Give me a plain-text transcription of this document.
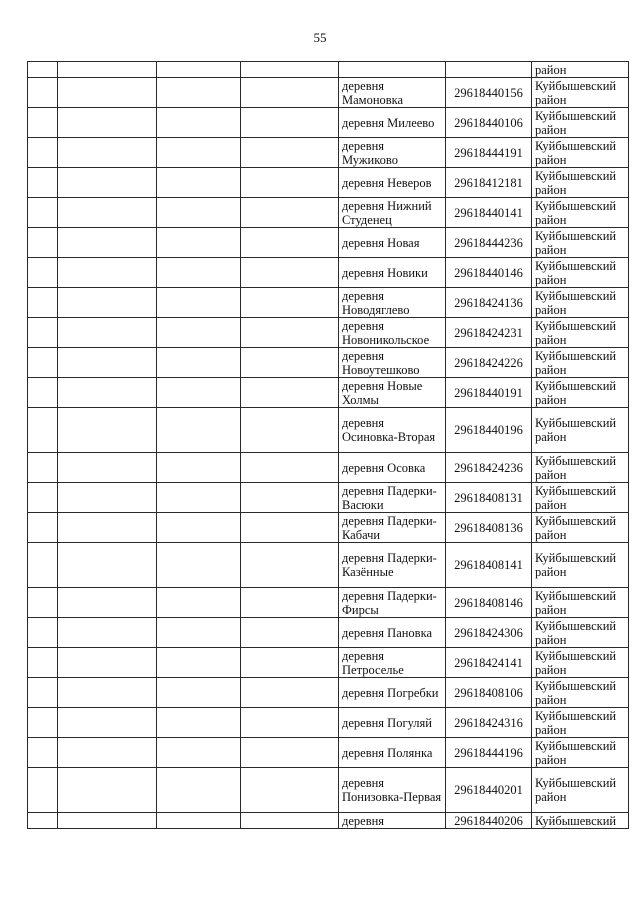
55
						район
				деревня Мамоновка	29618440156	Куйбышевский район
				деревня Милеево	29618440106	Куйбышевский район
				деревня Мужиково	29618444191	Куйбышевский район
				деревня Неверов	29618412181	Куйбышевский район
				деревня Нижний Студенец	29618440141	Куйбышевский район
				деревня Новая	29618444236	Куйбышевский район
				деревня Новики	29618440146	Куйбышевский район
				деревня Новодяглево	29618424136	Куйбышевский район
				деревня Новоникольское	29618424231	Куйбышевский район
				деревня Новоутешково	29618424226	Куйбышевский район
				деревня Новые Холмы	29618440191	Куйбышевский район
				деревня Осиновка-Вторая	29618440196	Куйбышевский район
				деревня Осовка	29618424236	Куйбышевский район
				деревня Падерки-Васюки	29618408131	Куйбышевский район
				деревня Падерки-Кабачи	29618408136	Куйбышевский район
				деревня Падерки-Казённые	29618408141	Куйбышевский район
				деревня Падерки-Фирсы	29618408146	Куйбышевский район
				деревня Пановка	29618424306	Куйбышевский район
				деревня Петроселье	29618424141	Куйбышевский район
				деревня Погребки	29618408106	Куйбышевский район
				деревня Погуляй	29618424316	Куйбышевский район
				деревня Полянка	29618444196	Куйбышевский район
				деревня Понизовка-Первая	29618440201	Куйбышевский район
				деревня	29618440206	Куйбышевский
